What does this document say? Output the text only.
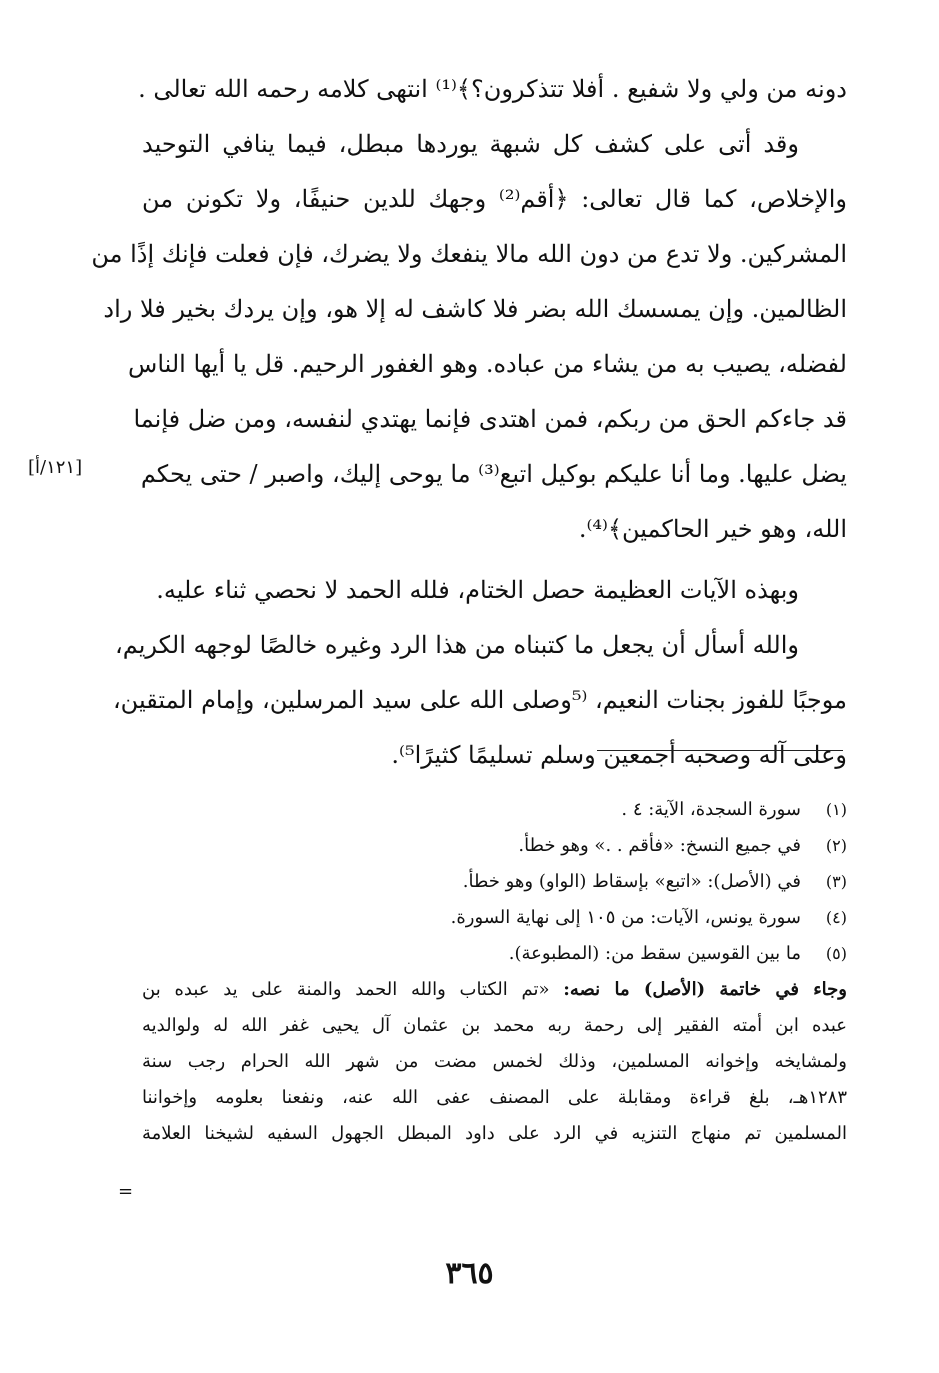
دونه من ولي ولا شفيع . أفلا تتذكرون؟﴾⁽¹⁾ انتهى كلامه رحمه الله تعالى .
وقد أتى على كشف كل شبهة يوردها مبطل، فيما ينافي التوحيد
والإخلاص، كما قال تعالى: ﴿أقم⁽²⁾ وجهك للدين حنيفًا، ولا تكونن من
المشركين. ولا تدع من دون الله مالا ينفعك ولا يضرك، فإن فعلت فإنك إذًا من
الظالمين. وإن يمسسك الله بضر فلا كاشف له إلا هو، وإن يردك بخير فلا راد
لفضله، يصيب به من يشاء من عباده. وهو الغفور الرحيم. قل يا أيها الناس
قد جاءكم الحق من ربكم، فمن اهتدى فإنما يهتدي لنفسه، ومن ضل فإنما
يضل عليها. وما أنا عليكم بوكيل اتبع⁽³⁾ ما يوحى إليك، واصبر / حتى يحكم
الله، وهو خير الحاكمين﴾⁽⁴⁾.
وبهذه الآيات العظيمة حصل الختام، فلله الحمد لا نحصي ثناء عليه.
والله أسأل أن يجعل ما كتبناه من هذا الرد وغيره خالصًا لوجهه الكريم،
موجبًا للفوز بجنات النعيم، ⁽⁵وصلى الله على سيد المرسلين، وإمام المتقين،
وعلى آله وصحبه أجمعين وسلم تسليمًا كثيرًا⁵⁾.
[١٢١/أ]
(١)
سورة السجدة، الآية: ٤ .
(٢)
في جميع النسخ: «فأقم . .» وهو خطأ.
(٣)
في (الأصل): «اتبع» بإسقاط (الواو) وهو خطأ.
(٤)
سورة يونس، الآيات: من ١٠٥ إلى نهاية السورة.
(٥)
ما بين القوسين سقط من: (المطبوعة).
وجاء في خاتمة (الأصل) ما نصه: «تم الكتاب والله الحمد والمنة على يد عبده بن
عبده ابن أمته الفقير إلى رحمة ربه محمد بن عثمان آل يحيى غفر الله له ولوالديه
ولمشايخه وإخوانه المسلمين، وذلك لخمس مضت من شهر الله الحرام رجب سنة
١٢٨٣هـ، بلغ قراءة ومقابلة على المصنف عفى الله عنه، ونفعنا بعلومه وإخواننا
المسلمين تم منهاج التنزيه في الرد على داود المبطل الجهول السفيه لشيخنا العلامة
=
٣٦٥
